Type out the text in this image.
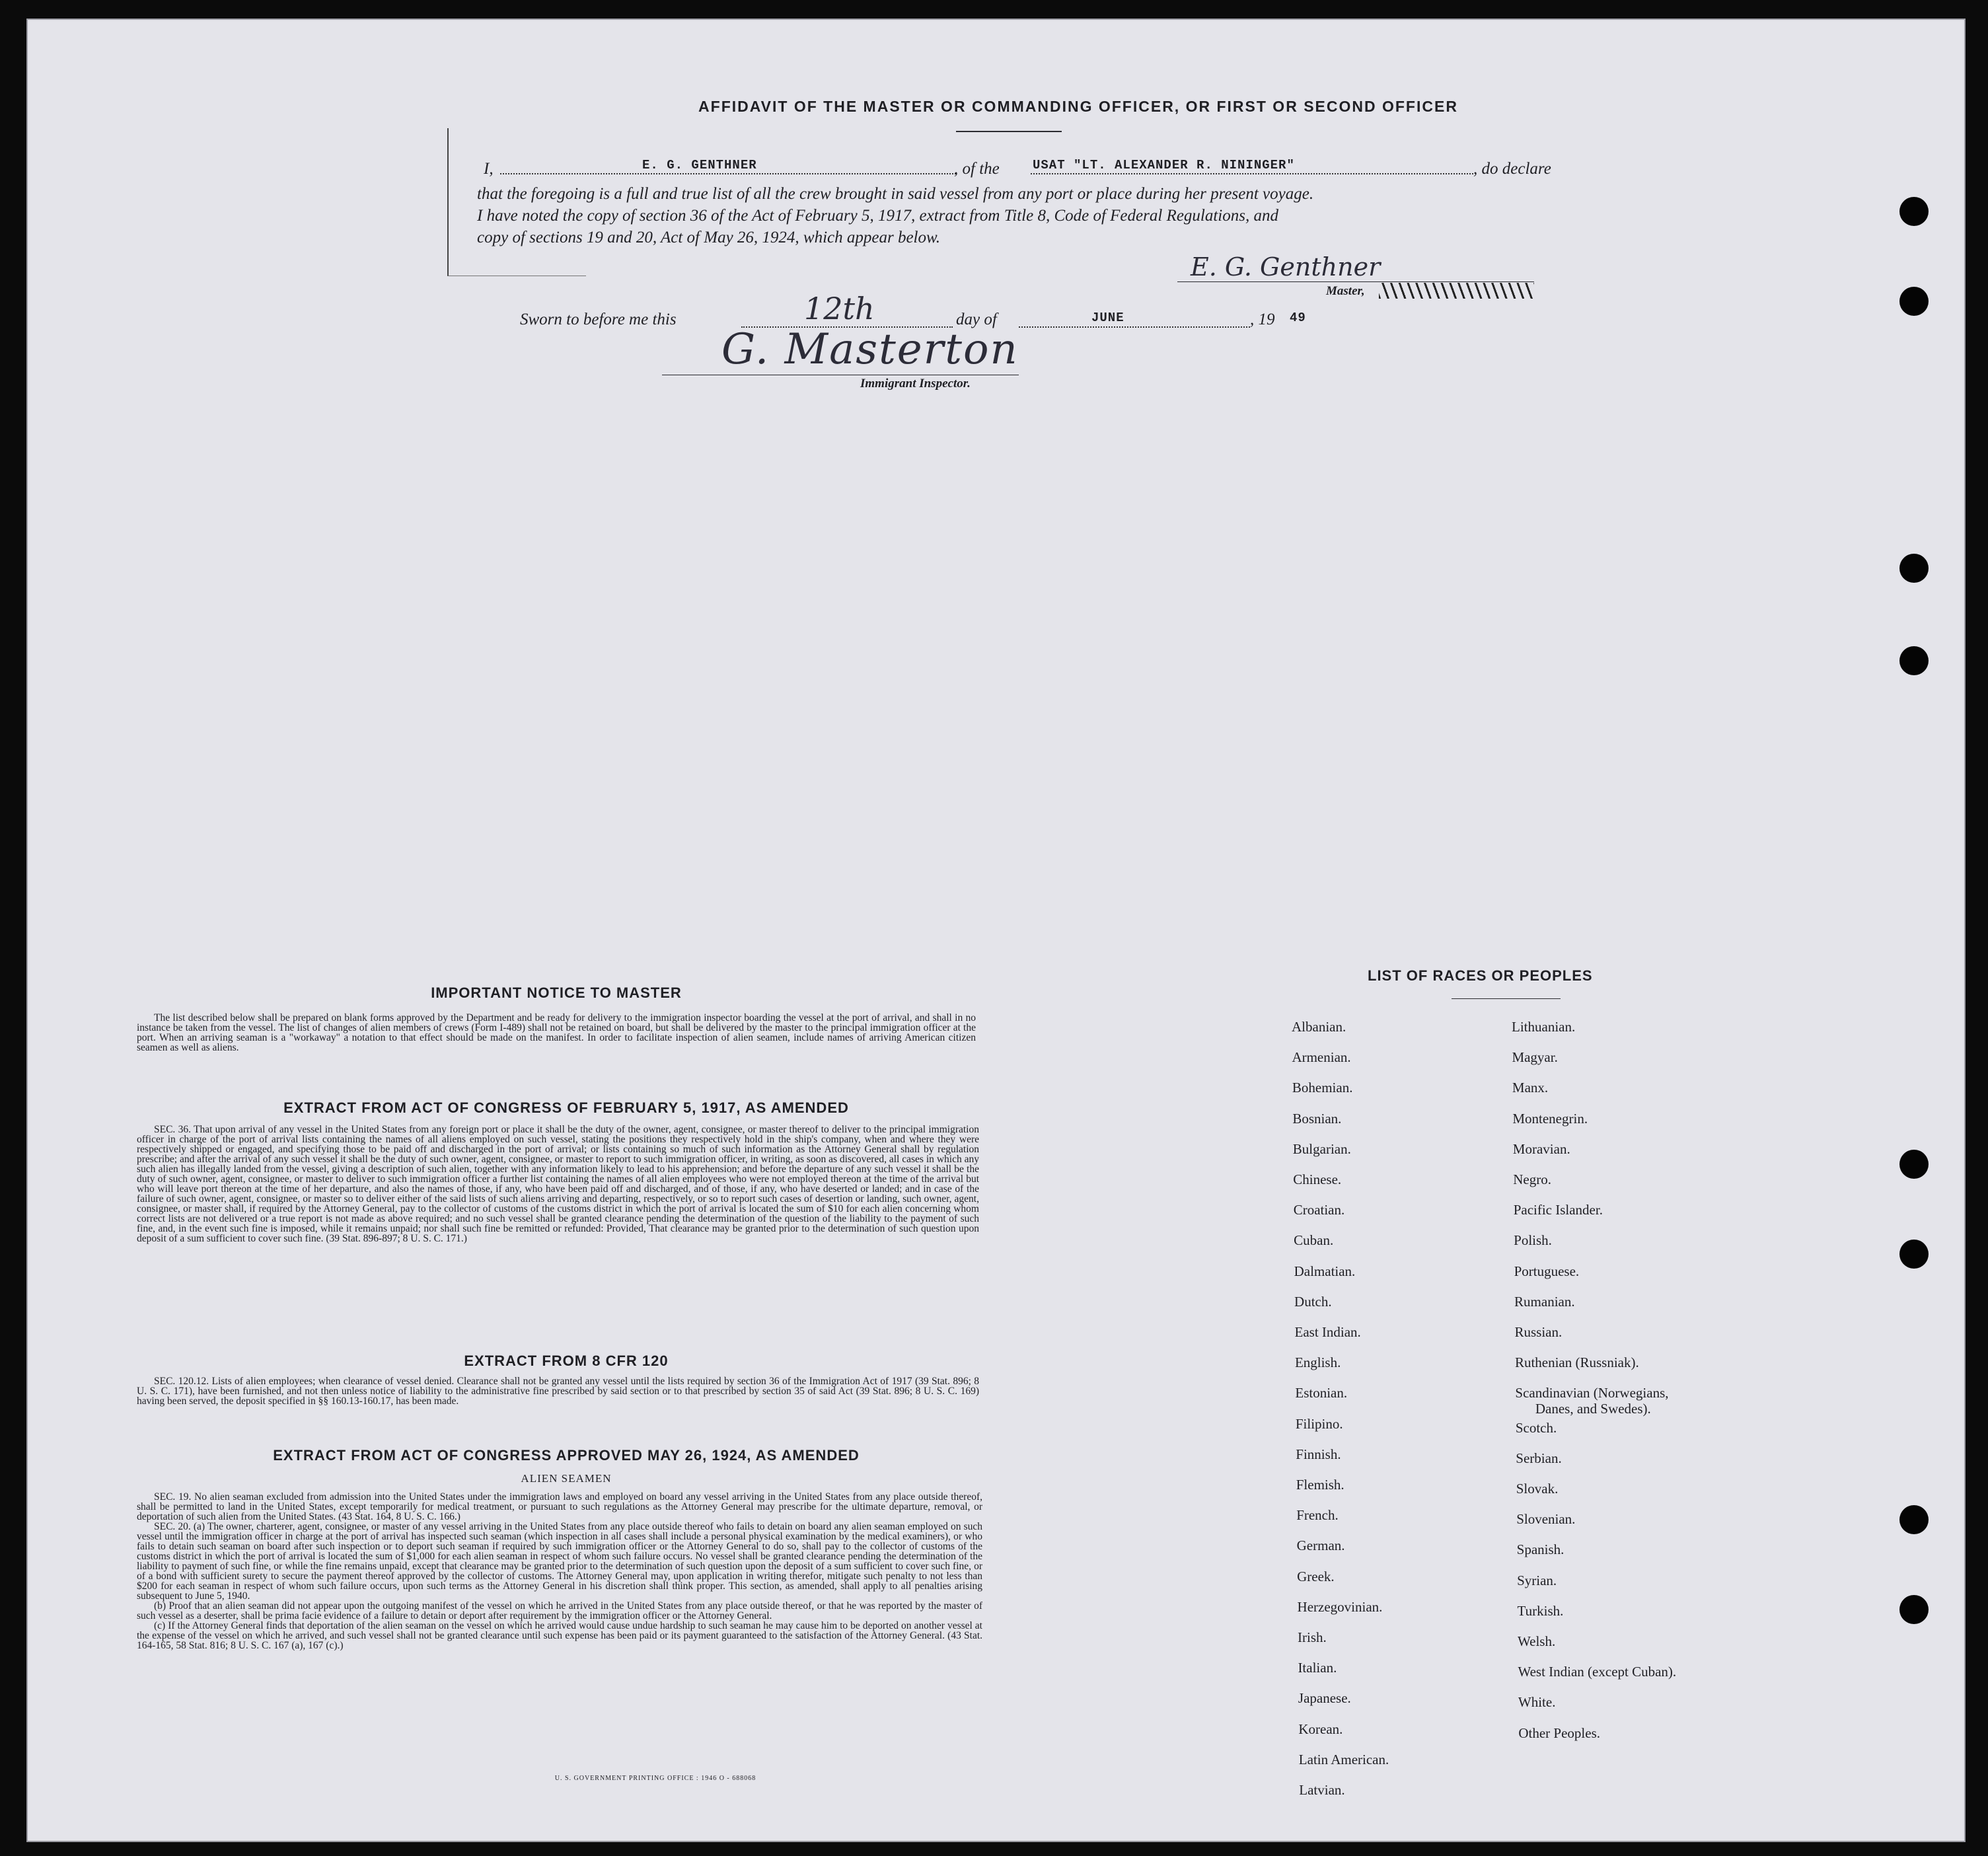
AFFIDAVIT OF THE MASTER OR COMMANDING OFFICER, OR FIRST OR SECOND OFFICER
I,	E. G. GENTHNER	, of the	USAT "LT. ALEXANDER R. NININGER"	, do declare
that the foregoing is a full and true list of all the crew brought in said vessel from any port or place during her present voyage.
I have noted the copy of section 36 of the Act of February 5, 1917, extract from Title 8, Code of Federal Regulations, and
copy of sections 19 and 20, Act of May 26, 1924, which appear below.
E. G. Genthner
Master,
Sworn to before me this	12th	day of	JUNE	, 19 49
G. Masterton
Immigrant Inspector.
IMPORTANT NOTICE TO MASTER

The list described below shall be prepared on blank forms approved by the Department and be ready for delivery to the immigration inspector boarding the vessel at the port of arrival, and shall in no instance be taken from the vessel. The list of changes of alien members of crews (Form I-489) shall not be retained on board, but shall be delivered by the master to the principal immigration officer at the port. When an arriving seaman is a "workaway" a notation to that effect should be made on the manifest. In order to facilitate inspection of alien seamen, include names of arriving American citizen seamen as well as aliens.

EXTRACT FROM ACT OF CONGRESS OF FEBRUARY 5, 1917, AS AMENDED

SEC. 36. That upon arrival of any vessel in the United States from any foreign port or place it shall be the duty of the owner, agent, consignee, or master thereof to deliver to the principal immigration officer in charge of the port of arrival lists containing the names of all aliens employed on such vessel, stating the positions they respectively hold in the ship's company, when and where they were respectively shipped or engaged, and specifying those to be paid off and discharged in the port of arrival; or lists containing so much of such information as the Attorney General shall by regulation prescribe; and after the arrival of any such vessel it shall be the duty of such owner, agent, consignee, or master to report to such immigration officer, in writing, as soon as discovered, all cases in which any such alien has illegally landed from the vessel, giving a description of such alien, together with any information likely to lead to his apprehension; and before the departure of any such vessel it shall be the duty of such owner, agent, consignee, or master to deliver to such immigration officer a further list containing the names of all alien employees who were not employed thereon at the time of the arrival but who will leave port thereon at the time of her departure, and also the names of those, if any, who have been paid off and discharged, and of those, if any, who have deserted or landed; and in case of the failure of such owner, agent, consignee, or master so to deliver either of the said lists of such aliens arriving and departing, respectively, or so to report such cases of desertion or landing, such owner, agent, consignee, or master shall, if required by the Attorney General, pay to the collector of customs of the customs district in which the port of arrival is located the sum of $10 for each alien concerning whom correct lists are not delivered or a true report is not made as above required; and no such vessel shall be granted clearance pending the determination of the question of the liability to the payment of such fine, and, in the event such fine is imposed, while it remains unpaid; nor shall such fine be remitted or refunded: Provided, That clearance may be granted prior to the determination of such question upon deposit of a sum sufficient to cover such fine. (39 Stat. 896-897; 8 U. S. C. 171.)

EXTRACT FROM 8 CFR 120

SEC. 120.12. Lists of alien employees; when clearance of vessel denied. Clearance shall not be granted any vessel until the lists required by section 36 of the Immigration Act of 1917 (39 Stat. 896; 8 U. S. C. 171), have been furnished, and not then unless notice of liability to the administrative fine prescribed by said section or to that prescribed by section 35 of said Act (39 Stat. 896; 8 U. S. C. 169) having been served, the deposit specified in §§ 160.13-160.17, has been made.

EXTRACT FROM ACT OF CONGRESS APPROVED MAY 26, 1924, AS AMENDED
ALIEN SEAMEN

SEC. 19. No alien seaman excluded from admission into the United States under the immigration laws and employed on board any vessel arriving in the United States from any place outside thereof, shall be permitted to land in the United States, except temporarily for medical treatment, or pursuant to such regulations as the Attorney General may prescribe for the ultimate departure, removal, or deportation of such alien from the United States. (43 Stat. 164, 8 U. S. C. 166.)

SEC. 20. (a) The owner, charterer, agent, consignee, or master of any vessel arriving in the United States from any place outside thereof who fails to detain on board any alien seaman employed on such vessel until the immigration officer in charge at the port of arrival has inspected such seaman (which inspection in all cases shall include a personal physical examination by the medical examiners), or who fails to detain such seaman on board after such inspection or to deport such seaman if required by such immigration officer or the Attorney General to do so, shall pay to the collector of customs of the customs district in which the port of arrival is located the sum of $1,000 for each alien seaman in respect of whom such failure occurs. No vessel shall be granted clearance pending the determination of the liability to payment of such fine, or while the fine remains unpaid, except that clearance may be granted prior to the determination of such question upon the deposit of a sum sufficient to cover such fine, or of a bond with sufficient surety to secure the payment thereof approved by the collector of customs. The Attorney General may, upon application in writing therefor, mitigate such penalty to not less than $200 for each seaman in respect of whom such failure occurs, upon such terms as the Attorney General in his discretion shall think proper. This section, as amended, shall apply to all penalties arising subsequent to June 5, 1940.

(b) Proof that an alien seaman did not appear upon the outgoing manifest of the vessel on which he arrived in the United States from any place outside thereof, or that he was reported by the master of such vessel as a deserter, shall be prima facie evidence of a failure to detain or deport after requirement by the immigration officer or the Attorney General.

(c) If the Attorney General finds that deportation of the alien seaman on the vessel on which he arrived would cause undue hardship to such seaman he may cause him to be deported on another vessel at the expense of the vessel on which he arrived, and such vessel shall not be granted clearance until such expense has been paid or its payment guaranteed to the satisfaction of the Attorney General. (43 Stat. 164-165, 58 Stat. 816; 8 U. S. C. 167 (a), 167 (c).)

U. S. GOVERNMENT PRINTING OFFICE : 1946 O - 688068
LIST OF RACES OR PEOPLES
Albanian.
Armenian.
Bohemian.
Bosnian.
Bulgarian.
Chinese.
Croatian.
Cuban.
Dalmatian.
Dutch.
East Indian.
English.
Estonian.
Filipino.
Finnish.
Flemish.
French.
German.
Greek.
Herzegovinian.
Irish.
Italian.
Japanese.
Korean.
Latin American.
Latvian.
Lithuanian.
Magyar.
Manx.
Montenegrin.
Moravian.
Negro.
Pacific Islander.
Polish.
Portuguese.
Rumanian.
Russian.
Ruthenian (Russniak).
Scandinavian (Norwegians,
Danes, and Swedes).
Scotch.
Serbian.
Slovak.
Slovenian.
Spanish.
Syrian.
Turkish.
Welsh.
West Indian (except Cuban).
White.
Other Peoples.
